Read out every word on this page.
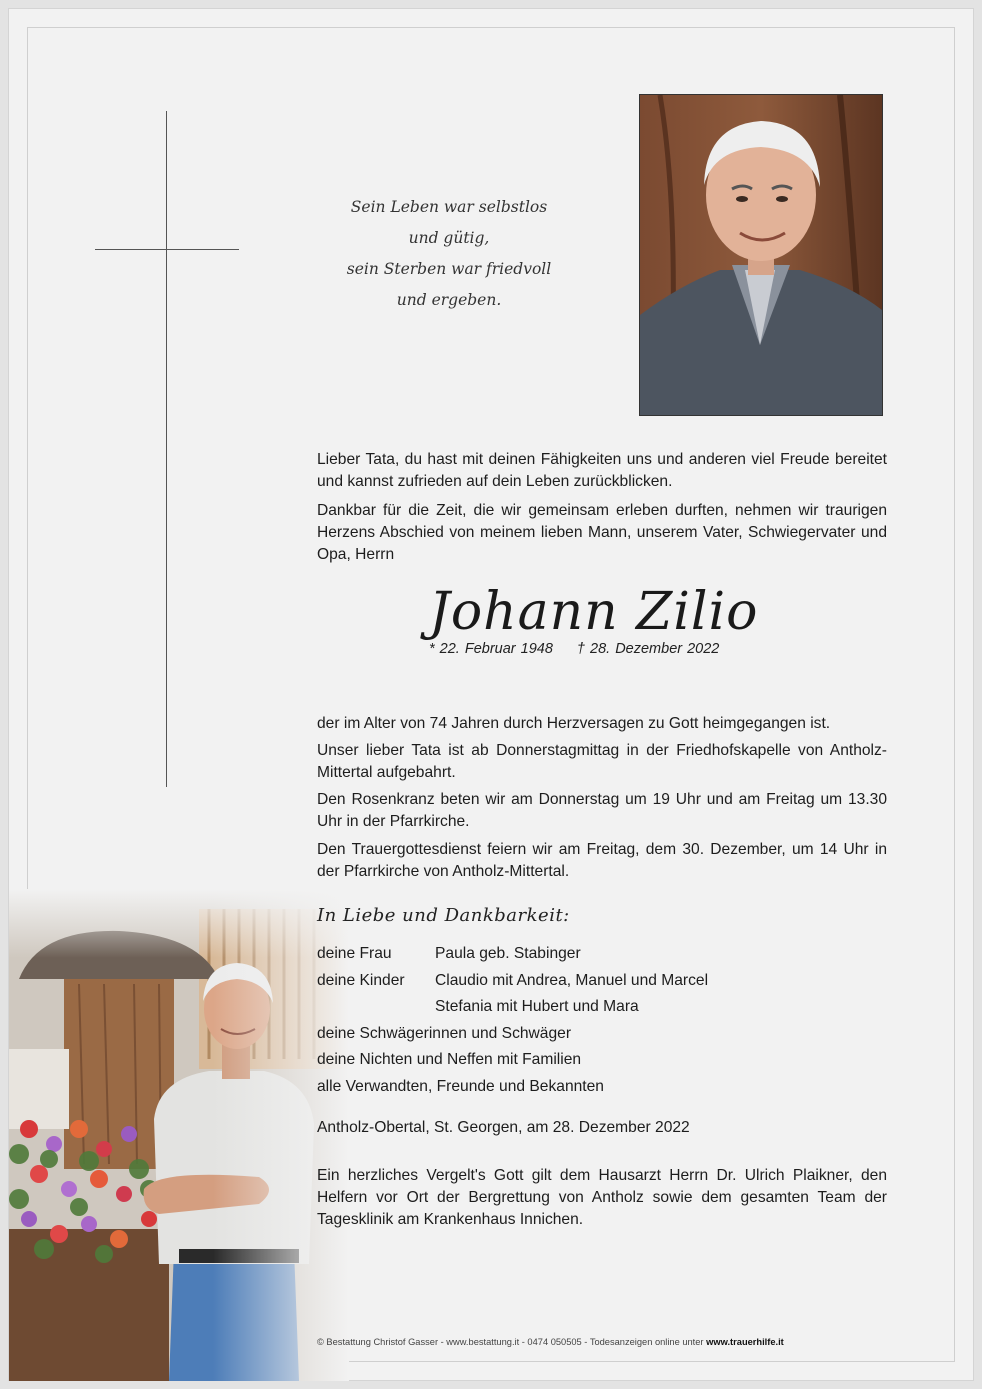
Sein Leben war selbstlos
und gütig,
sein Sterben war friedvoll
und ergeben.

Lieber Tata, du hast mit deinen Fähigkeiten uns und anderen viel Freude bereitet und kannst zufrieden auf dein Leben zurückblicken.

Dankbar für die Zeit, die wir gemeinsam erleben durften, nehmen wir traurigen Herzens Abschied von meinem lieben Mann, unserem Vater, Schwiegervater und Opa, Herrn

Johann Zilio
* 22. Februar 1948 † 28. Dezember 2022

der im Alter von 74 Jahren durch Herzversagen zu Gott heimgegangen ist.

Unser lieber Tata ist ab Donnerstagmittag in der Friedhofskapelle von Antholz-Mittertal aufgebahrt.

Den Rosenkranz beten wir am Donnerstag um 19 Uhr und am Freitag um 13.30 Uhr in der Pfarrkirche.

Den Trauergottesdienst feiern wir am Freitag, dem 30. Dezember, um 14 Uhr in der Pfarrkirche von Antholz-Mittertal.

In Liebe und Dankbarkeit:
deine Frau	Paula geb. Stabinger
deine Kinder	Claudio mit Andrea, Manuel und Marcel
Stefania mit Hubert und Mara
deine Schwägerinnen und Schwäger
deine Nichten und Neffen mit Familien
alle Verwandten, Freunde und Bekannten
Antholz-Obertal, St. Georgen, am 28. Dezember 2022

Ein herzliches Vergelt's Gott gilt dem Hausarzt Herrn Dr. Ulrich Plaikner, den Helfern vor Ort der Bergrettung von Antholz sowie dem gesamten Team der Tagesklinik am Krankenhaus Innichen.

© Bestattung Christof Gasser - www.bestattung.it - 0474 050505 - Todesanzeigen online unter www.trauerhilfe.it
